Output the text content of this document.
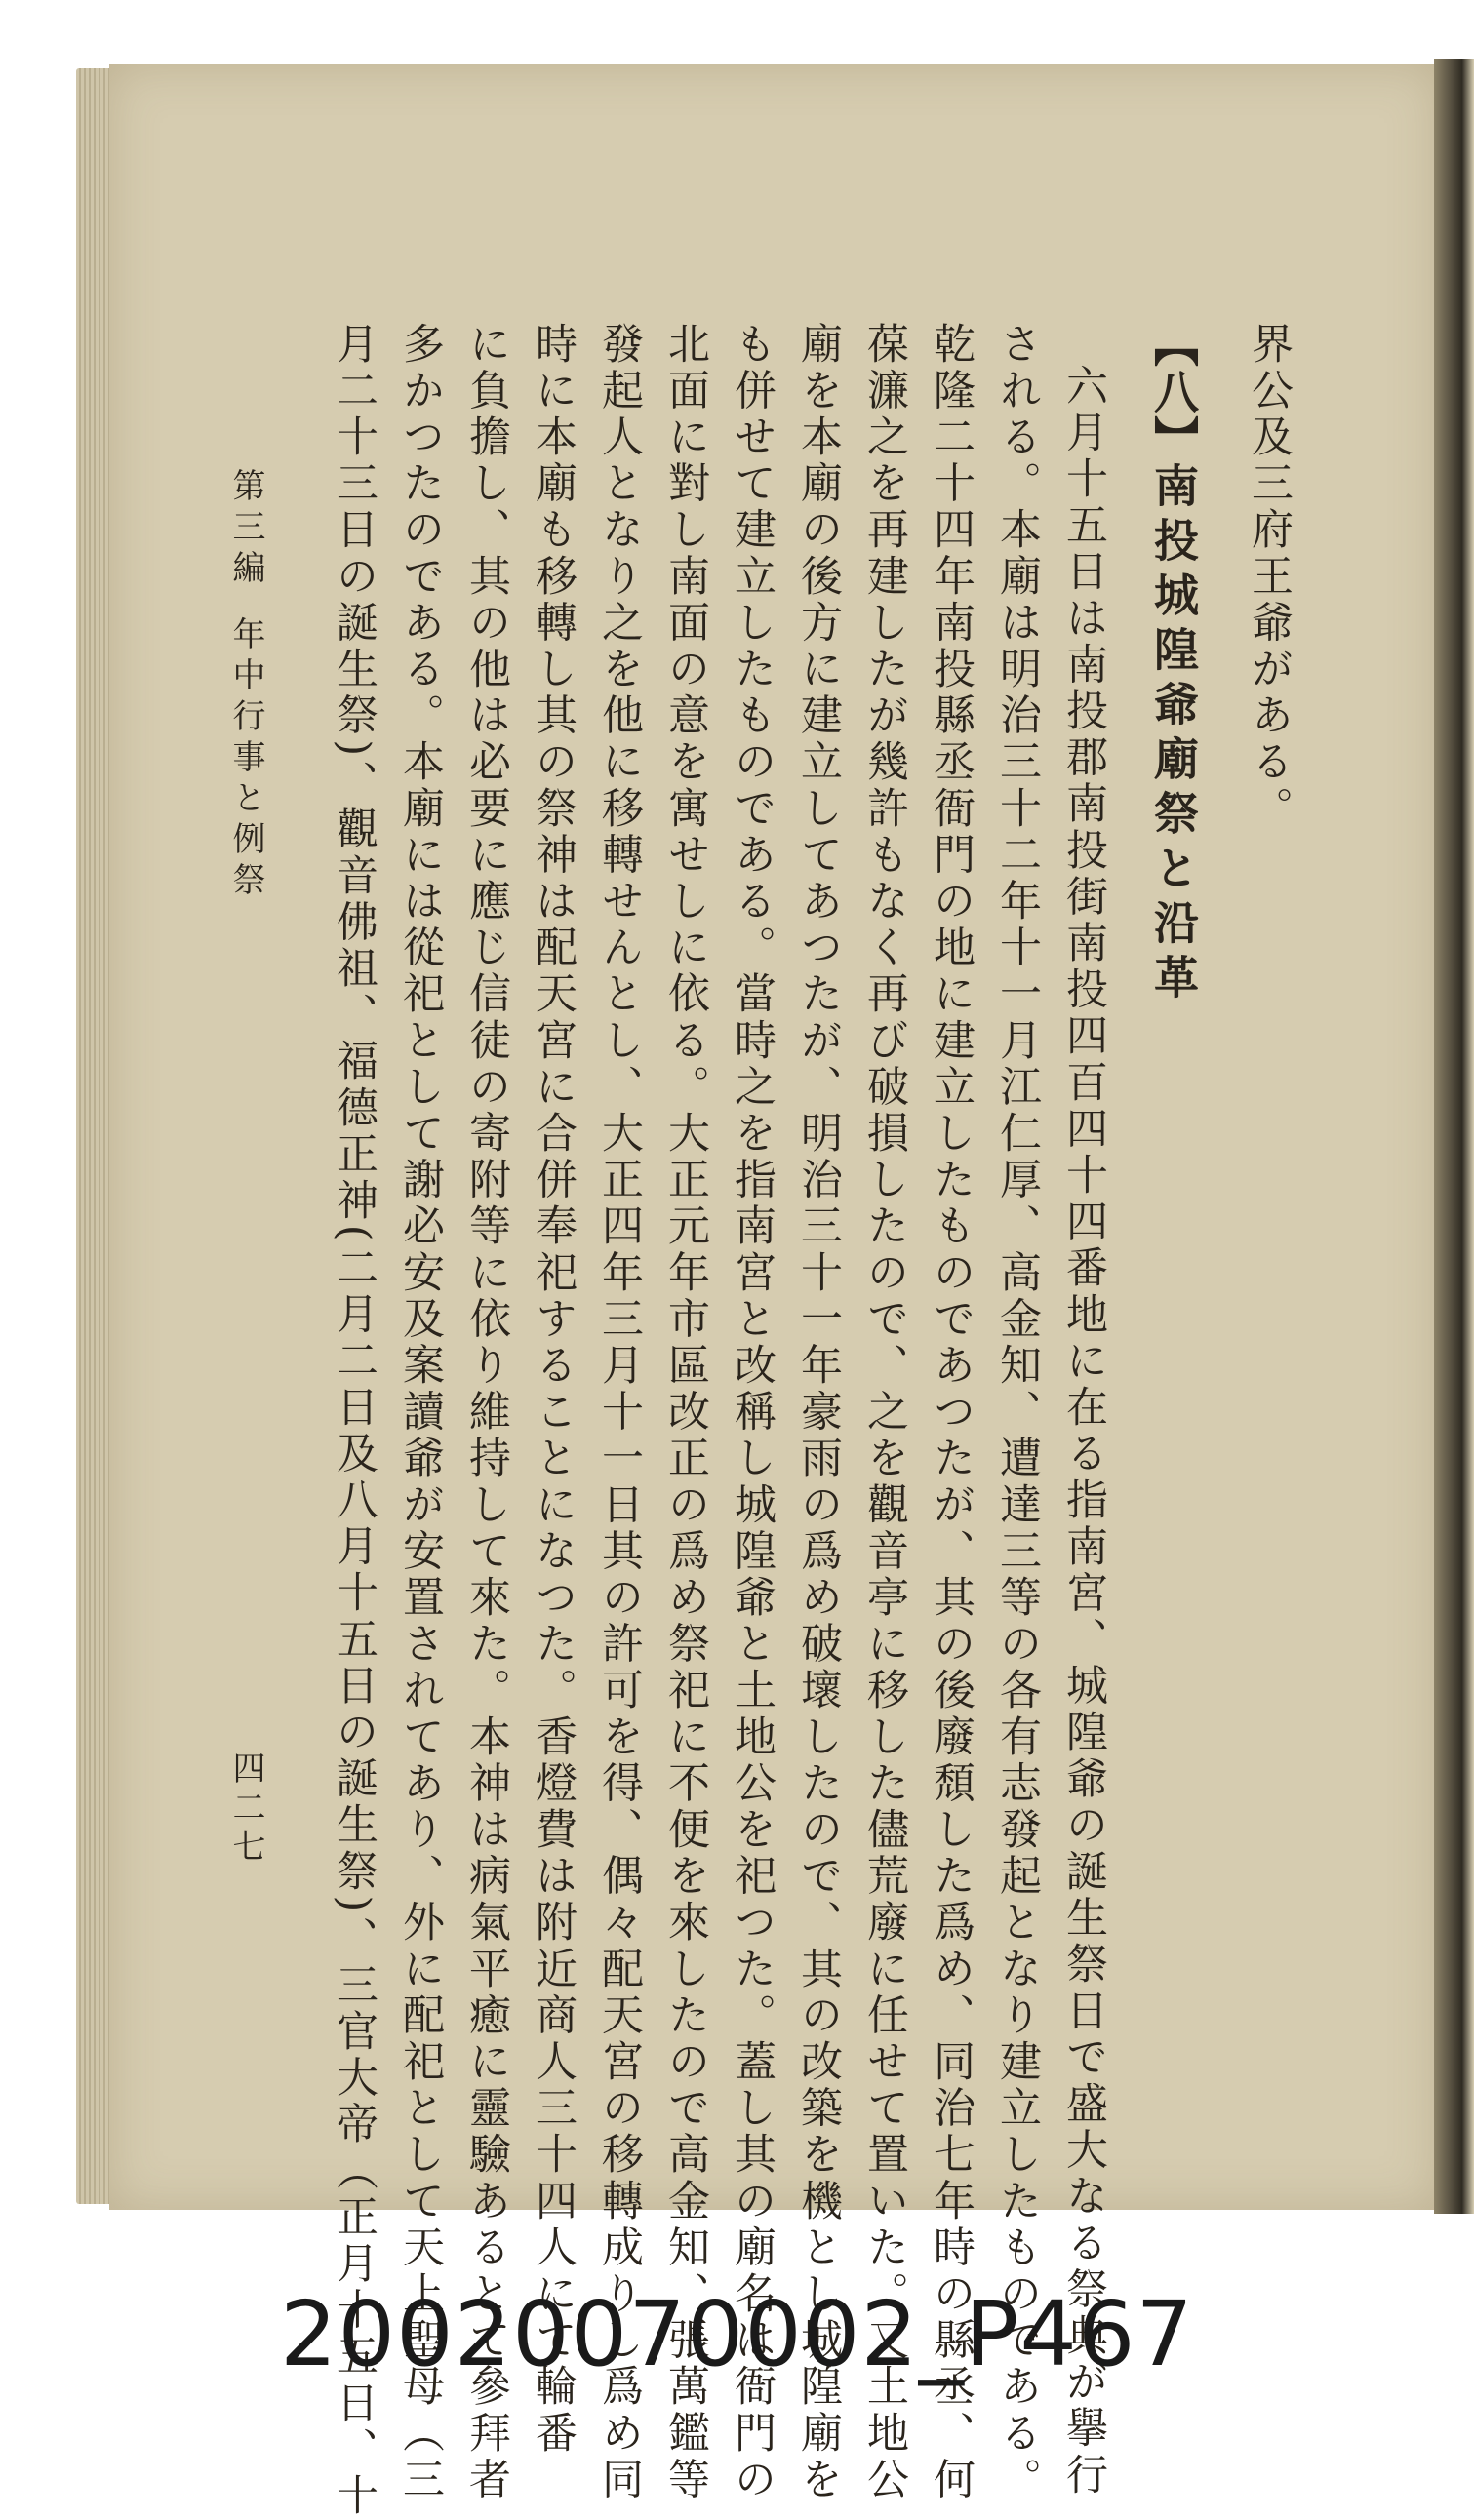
界公及三府王爺がある。
【八】南投城隍爺廟祭と沿革
六月十五日は南投郡南投街南投四百四十四番地に在る指南宮、城隍爺の誕生祭日で盛大なる祭典が擧行
される。本廟は明治三十二年十一月江仁厚、高金知、遭達三等の各有志發起となり建立したものである。
乾隆二十四年南投縣丞衙門の地に建立したものであつたが、其の後廢頹した爲め、同治七年時の縣丞、何
葆濂之を再建したが幾許もなく再び破損したので、之を觀音亭に移した儘荒廢に任せて置いた。又土地公
廟を本廟の後方に建立してあつたが、明治三十一年豪雨の爲め破壞したので、其の改築を機とし城隍廟を
も併せて建立したものである。當時之を指南宮と改稱し城隍爺と土地公を祀つた。蓋し其の廟名は衙門の
北面に對し南面の意を寓せしに依る。大正元年市區改正の爲め祭祀に不便を來したので高金知、張萬鑑等
發起人となり之を他に移轉せんとし、大正四年三月十一日其の許可を得、偶々配天宮の移轉成りし爲め同
時に本廟も移轉し其の祭神は配天宮に合併奉祀することになつた。香燈費は附近商人三十四人にて輪番
に負擔し、其の他は必要に應じ信徒の寄附等に依り維持して來た。本神は病氣平癒に靈驗あるとて參拜者
多かつたのである。本廟には從祀として謝必安及案讀爺が安置されてあり、外に配祀として天上聖母（三
月二十三日の誕生祭)、觀音佛祖、福德正神(二月二日及八月十五日の誕生祭)、三官大帝（正月十五日、十
第三編年中行事と例祭
四二七
20020070002_P467
